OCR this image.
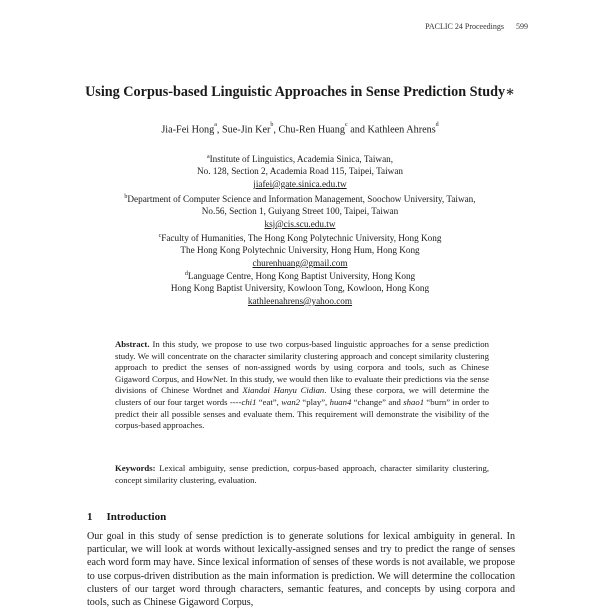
PACLIC 24 Proceedings 599
Using Corpus-based Linguistic Approaches in Sense Prediction Study∗
Jia-Fei Hong$^a$, Sue-Jin Ker$^b$, Chu-Ren Huang$^c$ and Kathleen Ahrens$^d$
$^a$Institute of Linguistics, Academia Sinica, Taiwan,
No. 128, Section 2, Academia Road 115, Taipei, Taiwan
jiafei@gate.sinica.edu.tw
$^b$Department of Computer Science and Information Management, Soochow University, Taiwan,
No.56, Section 1, Guiyang Street 100, Taipei, Taiwan
ksj@cis.scu.edu.tw
$^c$Faculty of Humanities, The Hong Kong Polytechnic University, Hong Kong
The Hong Kong Polytechnic University, Hong Hum, Hong Kong
churenhuang@gmail.com
$^d$Language Centre, Hong Kong Baptist University, Hong Kong
Hong Kong Baptist University, Kowloon Tong, Kowloon, Hong Kong
kathleenahrens@yahoo.com
Abstract. In this study, we propose to use two corpus-based linguistic approaches for a sense prediction study. We will concentrate on the character similarity clustering approach and concept similarity clustering approach to predict the senses of non-assigned words by using corpora and tools, such as Chinese Gigaword Corpus, and HowNet. In this study, we would then like to evaluate their predictions via the sense divisions of Chinese Wordnet and Xiandai Hanyu Cidian. Using these corpora, we will determine the clusters of our four target words ----chi1 “eat”, wan2 “play”, huan4 “change” and shao1 “burn” in order to predict their all possible senses and evaluate them. This requirement will demonstrate the visibility of the corpus-based approaches.
Keywords: Lexical ambiguity, sense prediction, corpus-based approach, character similarity clustering, concept similarity clustering, evaluation.
1 Introduction
Our goal in this study of sense prediction is to generate solutions for lexical ambiguity in general. In particular, we will look at words without lexically-assigned senses and try to predict the range of senses each word form may have. Since lexical information of senses of these words is not available, we propose to use corpus-driven distribution as the main information is prediction. We will determine the collocation clusters of our target word through characters, semantic features, and concepts by using corpora and tools, such as Chinese Gigaword Corpus,
